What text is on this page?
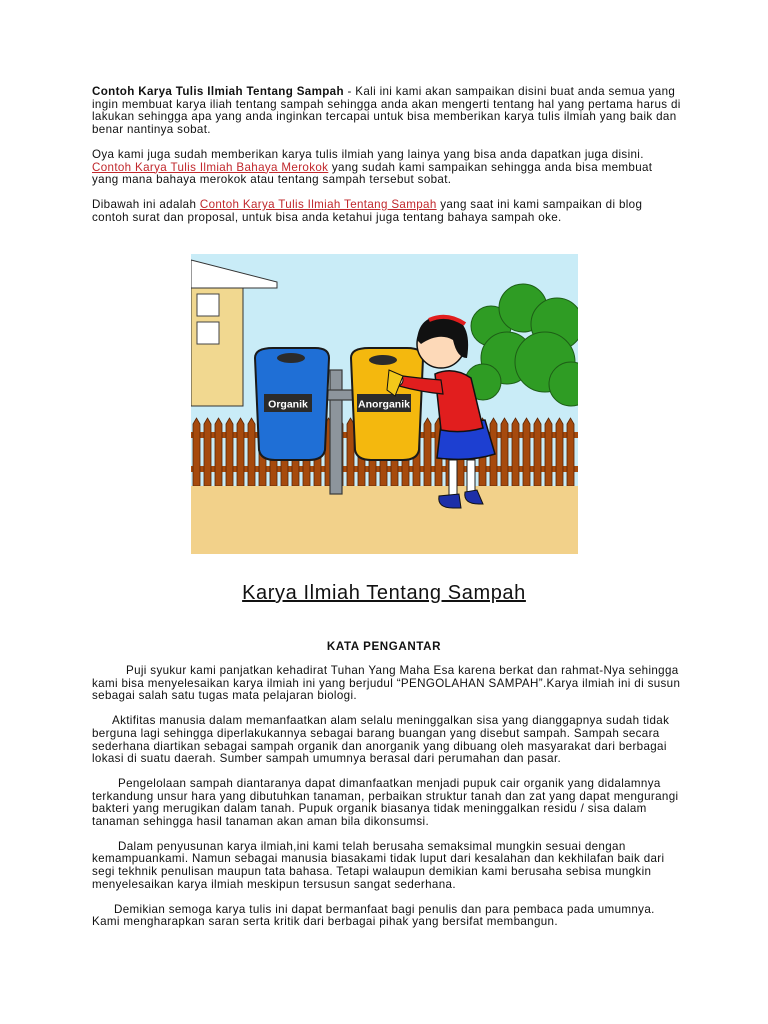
Contoh Karya Tulis Ilmiah Tentang Sampah - Kali ini kami akan sampaikan disini buat anda semua yang ingin membuat karya iliah tentang sampah sehingga anda akan mengerti tentang hal yang pertama harus di lakukan sehingga apa yang anda inginkan tercapai untuk bisa memberikan karya tulis ilmiah yang baik dan benar nantinya sobat.

Oya kami juga sudah memberikan karya tulis ilmiah yang lainya yang bisa anda dapatkan juga disini. Contoh Karya Tulis Ilmiah Bahaya Merokok yang sudah kami sampaikan sehingga anda bisa membuat yang mana bahaya merokok atau tentang sampah tersebut sobat.

Dibawah ini adalah Contoh Karya Tulis Ilmiah Tentang Sampah yang saat ini kami sampaikan di blog contoh surat dan proposal, untuk bisa anda ketahui juga tentang bahaya sampah oke.

Organik	Anorganik
Karya Ilmiah Tentang Sampah
KATA PENGANTAR

Puji syukur kami panjatkan kehadirat Tuhan Yang Maha Esa karena berkat dan rahmat-Nya sehingga kami bisa menyelesaikan karya ilmiah ini yang berjudul “PENGOLAHAN SAMPAH”.Karya ilmiah ini di susun sebagai salah satu tugas mata pelajaran biologi.

Aktifitas manusia dalam memanfaatkan alam selalu meninggalkan sisa yang dianggapnya sudah tidak berguna lagi sehingga diperlakukannya sebagai barang buangan yang disebut sampah. Sampah secara sederhana diartikan sebagai sampah organik dan anorganik yang dibuang oleh masyarakat dari berbagai lokasi di suatu daerah. Sumber sampah umumnya berasal dari perumahan dan pasar.

Pengelolaan sampah diantaranya dapat dimanfaatkan menjadi pupuk cair organik yang didalamnya terkandung unsur hara yang dibutuhkan tanaman, perbaikan struktur tanah dan zat yang dapat mengurangi bakteri yang merugikan dalam tanah. Pupuk organik biasanya tidak meninggalkan residu / sisa dalam tanaman sehingga hasil tanaman akan aman bila dikonsumsi.

Dalam penyusunan karya ilmiah,ini kami telah berusaha semaksimal mungkin sesuai dengan kemampuankami. Namun sebagai manusia biasakami tidak luput dari kesalahan dan kekhilafan baik dari segi tekhnik penulisan maupun tata bahasa. Tetapi walaupun demikian kami berusaha sebisa mungkin menyelesaikan karya ilmiah meskipun tersusun sangat sederhana.

Demikian semoga karya tulis ini dapat bermanfaat bagi penulis dan para pembaca pada umumnya. Kami mengharapkan saran serta kritik dari berbagai pihak yang bersifat membangun.
